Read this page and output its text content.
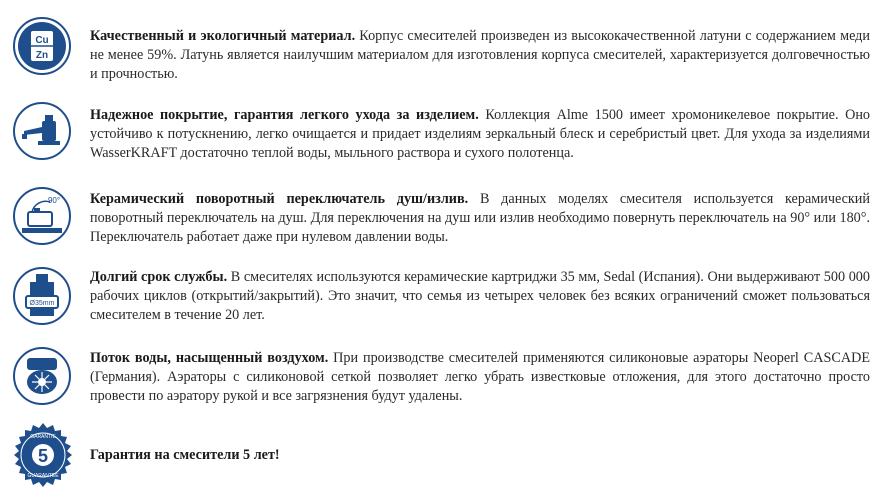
Cu
Zn
Качественный и экологичный материал. Корпус смесителей произведен из высококачественной латуни с содержанием меди не менее 59%. Латунь является наилучшим материалом для изготовления корпуса смесителей, характеризуется долговечностью и прочностью.
Надежное покрытие, гарантия легкого ухода за изделием. Коллекция Alme 1500 имеет хромоникелевое покрытие. Оно устойчиво к потускнению, легко очищается и придает изделиям зеркальный блеск и серебристый цвет. Для ухода за изделиями WasserKRAFT достаточно теплой воды, мыльного раствора и сухого полотенца.
90° Керамический поворотный переключатель душ/излив. В данных моделях смесителя используется керамический поворотный переключатель на душ. Для переключения на душ или излив необходимо повернуть переключатель на 90° или 180°. Переключатель работает даже при нулевом давлении воды.
Ø35mm
Долгий срок службы. В смесителях используются керамические картриджи 35 мм, Sedal (Испания). Они выдерживают 500 000 рабочих циклов (открытий/закрытий). Это значит, что семья из четырех человек без всяких ограничений сможет пользоваться смесителем в течение 20 лет.
Поток воды, насыщенный воздухом. При производстве смесителей применяются силиконовые аэраторы Neoperl CASCADE (Германия). Аэраторы с силиконовой сеткой позволяет легко убрать известковые отложения, для этого достаточно просто провести по аэратору рукой и все загрязнения будут удалены.
5
GARANTIE
GUARANTEE
Гарантия на смесители 5 лет!
